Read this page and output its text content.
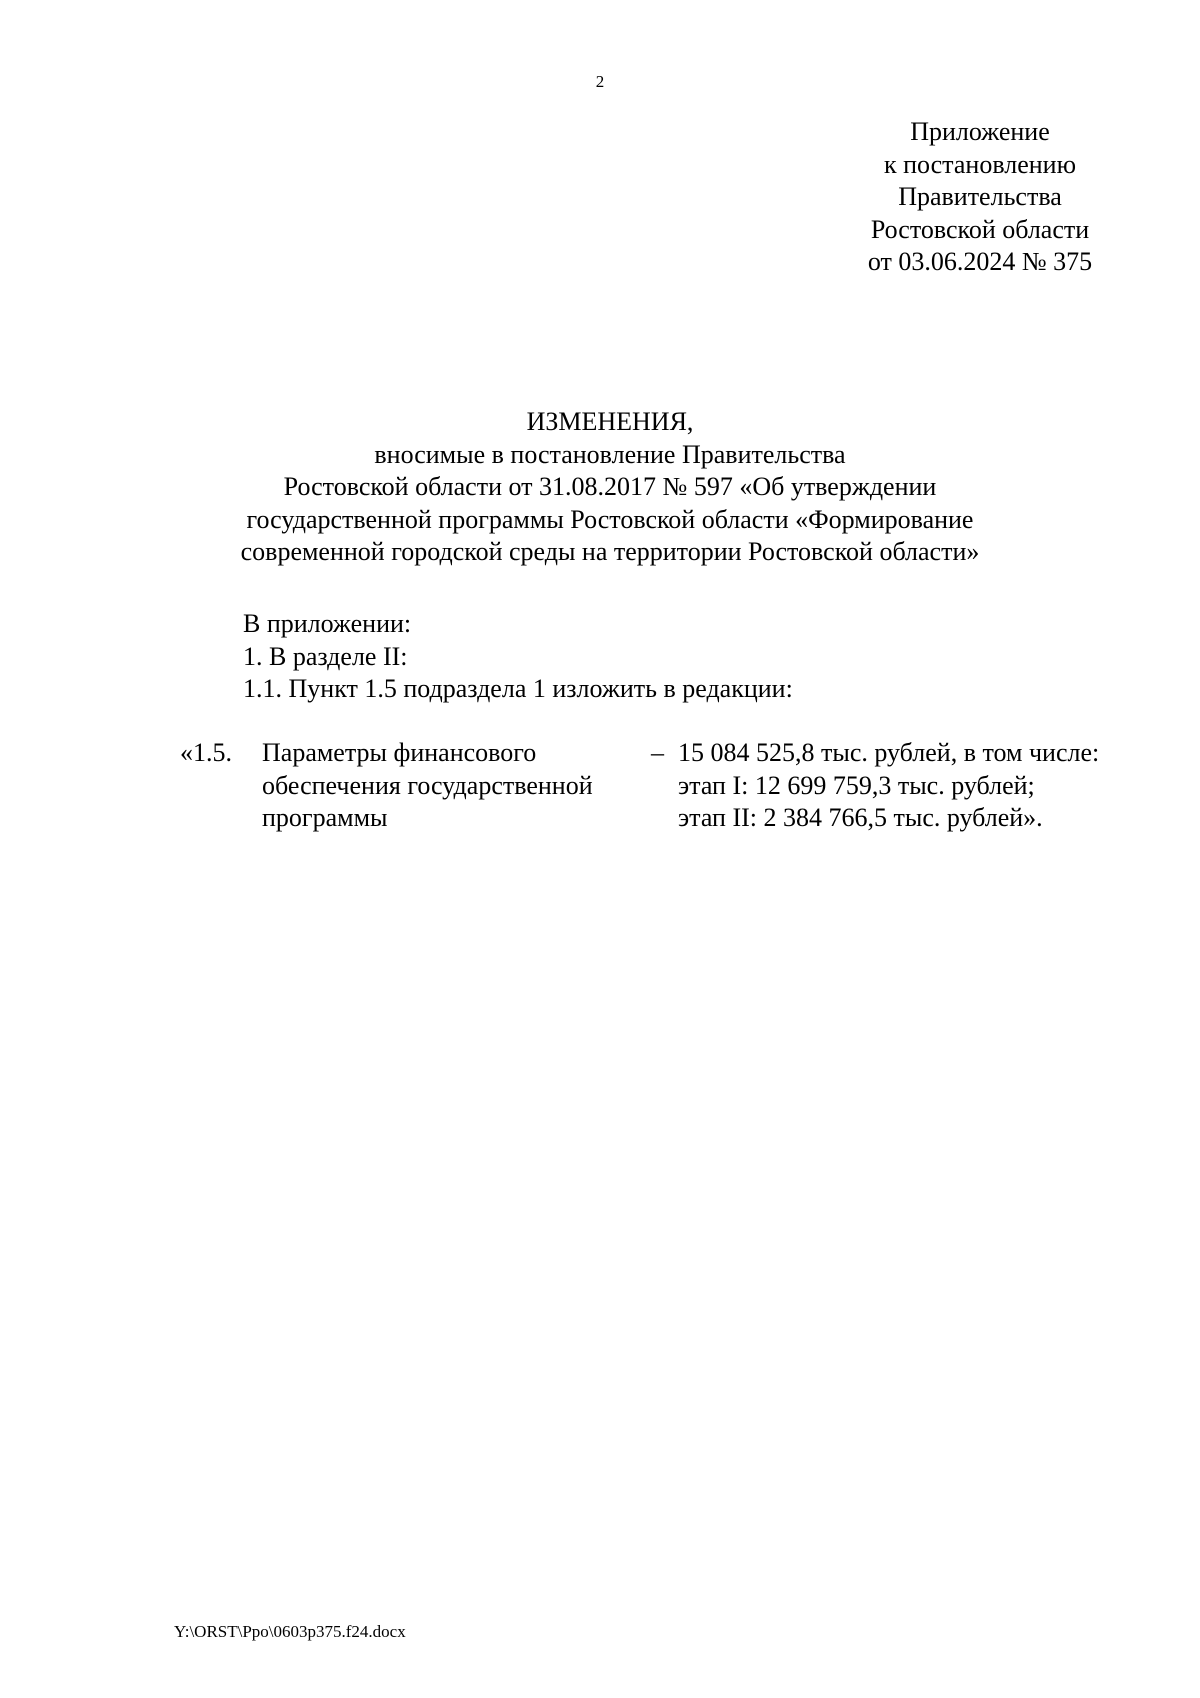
2
Приложение
к постановлению
Правительства
Ростовской области
от 03.06.2024 № 375
ИЗМЕНЕНИЯ,
вносимые в постановление Правительства
Ростовской области от 31.08.2017 № 597 «Об утверждении
государственной программы Ростовской области «Формирование
современной городской среды на территории Ростовской области»
В приложении:
1. В разделе II:
1.1. Пункт 1.5 подраздела 1 изложить в редакции:
«1.5. Параметры финансового
обеспечения государственной
программы
– 15 084 525,8 тыс. рублей, в том числе:
этап I: 12 699 759,3 тыс. рублей;
этап II: 2 384 766,5 тыс. рублей».
Y:\ORST\Ppo\0603p375.f24.docx
